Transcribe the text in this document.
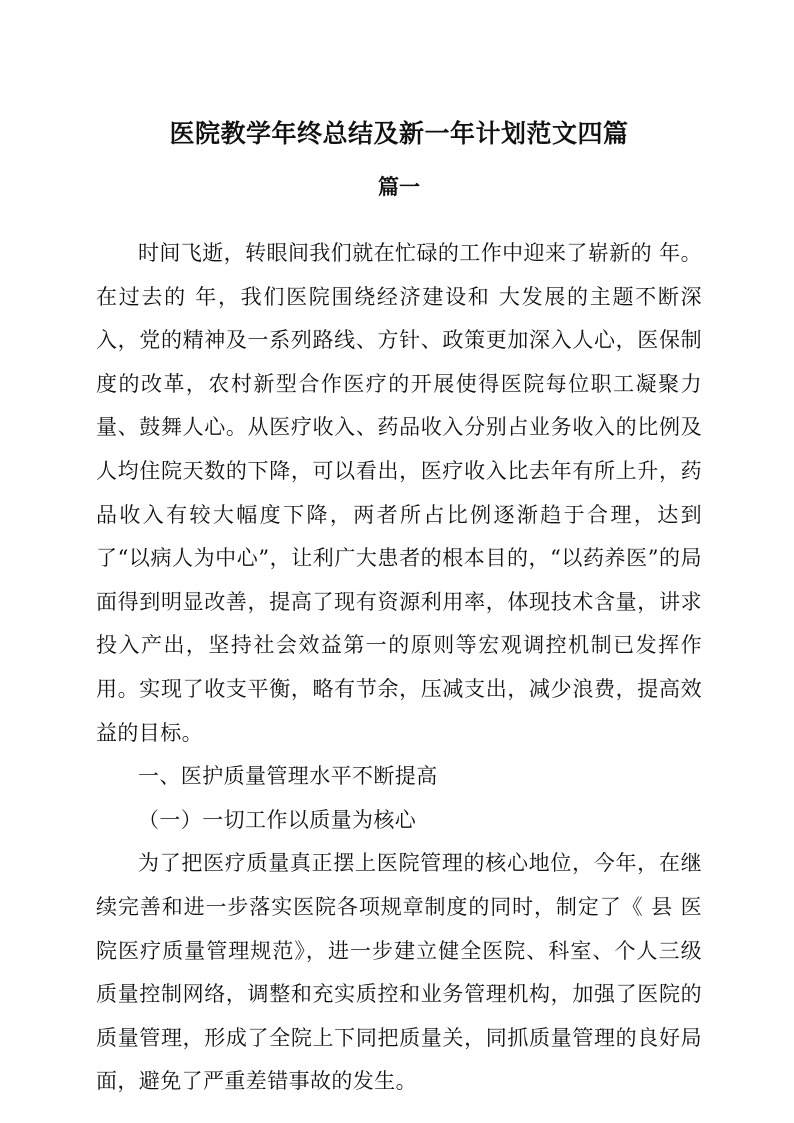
医院教学年终总结及新一年计划范文四篇
篇一

时间飞逝，转眼间我们就在忙碌的工作中迎来了崭新的 年。在过去的 年，我们医院围绕经济建设和 大发展的主题不断深入，党的精神及一系列路线、方针、政策更加深入人心，医保制度的改革，农村新型合作医疗的开展使得医院每位职工凝聚力量、鼓舞人心。从医疗收入、药品收入分别占业务收入的比例及人均住院天数的下降，可以看出，医疗收入比去年有所上升，药品收入有较大幅度下降，两者所占比例逐渐趋于合理，达到了“以病人为中心”，让利广大患者的根本目的，“以药养医”的局面得到明显改善，提高了现有资源利用率，体现技术含量，讲求投入产出，坚持社会效益第一的原则等宏观调控机制已发挥作用。实现了收支平衡，略有节余，压减支出，减少浪费，提高效益的目标。

一、医护质量管理水平不断提高

（一）一切工作以质量为核心

为了把医疗质量真正摆上医院管理的核心地位，今年，在继续完善和进一步落实医院各项规章制度的同时，制定了《 县 医院医疗质量管理规范》，进一步建立健全医院、科室、个人三级质量控制网络，调整和充实质控和业务管理机构，加强了医院的质量管理，形成了全院上下同把质量关，同抓质量管理的良好局面，避免了严重差错事故的发生。
